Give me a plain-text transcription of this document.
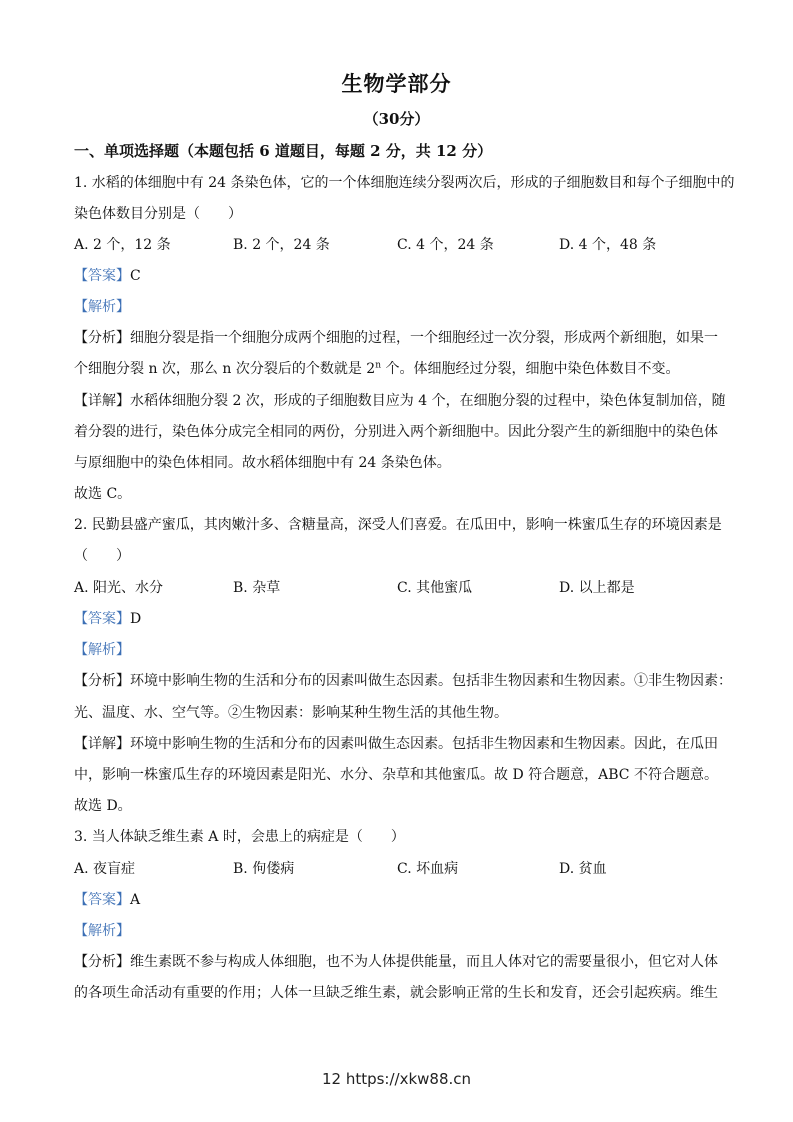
生物学部分
（30分）
一、单项选择题（本题包括 6 道题目，每题 2 分，共 12 分）
1. 水稻的体细胞中有 24 条染色体，它的一个体细胞连续分裂两次后，形成的子细胞数目和每个子细胞中的
染色体数目分别是（　　）
A. 2 个，12 条	B. 2 个，24 条	C. 4 个，24 条	D. 4 个，48 条
【答案】C
【解析】
【分析】细胞分裂是指一个细胞分成两个细胞的过程，一个细胞经过一次分裂，形成两个新细胞，如果一
个细胞分裂 n 次，那么 n 次分裂后的个数就是 2$^n$ 个。体细胞经过分裂，细胞中染色体数目不变。
【详解】水稻体细胞分裂 2 次，形成的子细胞数目应为 4 个，在细胞分裂的过程中，染色体复制加倍，随
着分裂的进行，染色体分成完全相同的两份，分别进入两个新细胞中。因此分裂产生的新细胞中的染色体
与原细胞中的染色体相同。故水稻体细胞中有 24 条染色体。
故选 C。
2. 民勤县盛产蜜瓜，其肉嫩汁多、含糖量高，深受人们喜爱。在瓜田中，影响一株蜜瓜生存的环境因素是
（　　）
A. 阳光、水分	B. 杂草	C. 其他蜜瓜	D. 以上都是
【答案】D
【解析】
【分析】环境中影响生物的生活和分布的因素叫做生态因素。包括非生物因素和生物因素。①非生物因素：
光、温度、水、空气等。②生物因素：影响某种生物生活的其他生物。
【详解】环境中影响生物的生活和分布的因素叫做生态因素。包括非生物因素和生物因素。因此，在瓜田
中，影响一株蜜瓜生存的环境因素是阳光、水分、杂草和其他蜜瓜。故 D 符合题意，ABC 不符合题意。
故选 D。
3. 当人体缺乏维生素 A 时，会患上的病症是（　　）
A. 夜盲症	B. 佝偻病	C. 坏血病	D. 贫血
【答案】A
【解析】
【分析】维生素既不参与构成人体细胞，也不为人体提供能量，而且人体对它的需要量很小，但它对人体
的各项生命活动有重要的作用；人体一旦缺乏维生素，就会影响正常的生长和发育，还会引起疾病。维生
12 https://xkw88.cn
